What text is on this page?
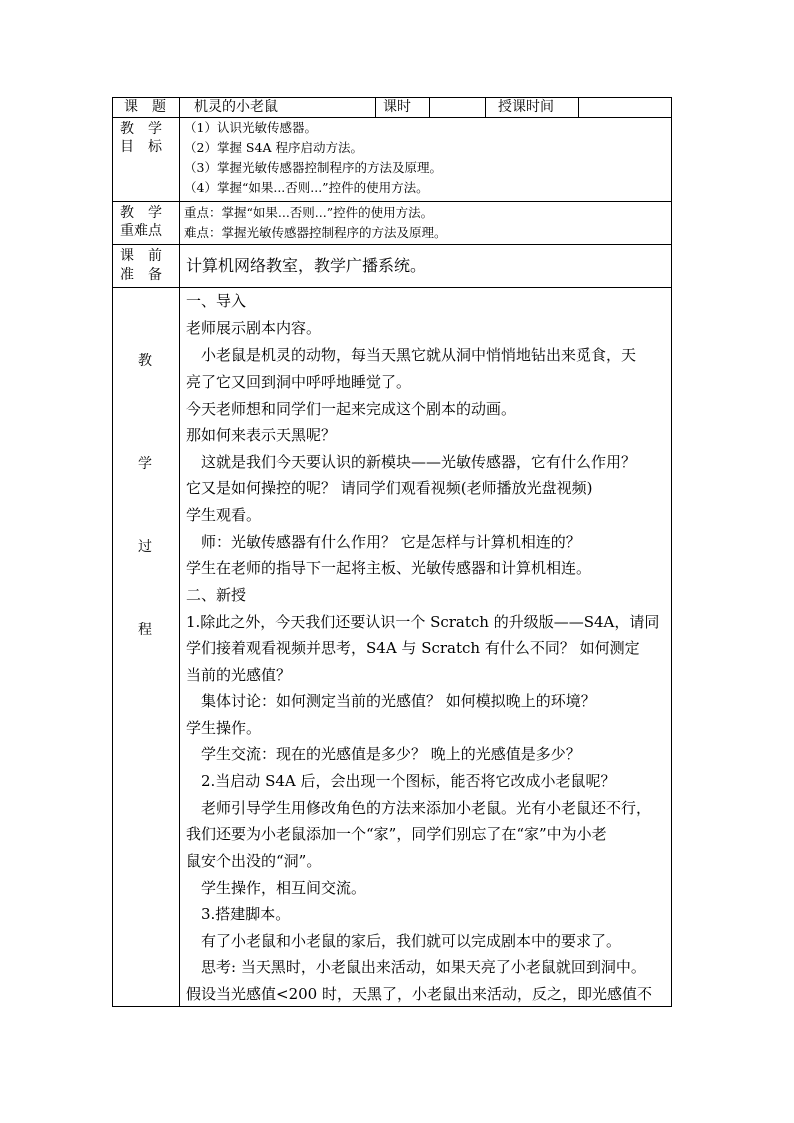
课　题 机灵的小老鼠	课时	授课时间
教　学
目　标
（1）认识光敏传感器。
（2）掌握 S4A 程序启动方法。
（3）掌握光敏传感器控制程序的方法及原理。
（4）掌握“如果...否则...”控件的使用方法。
教　学
重难点
重点：掌握“如果...否则...”控件的使用方法。
难点：掌握光敏传感器控制程序的方法及原理。
课　前
准　备 计算机网络教室，教学广播系统。
教
学
过
程
一、导入
老师展示剧本内容。
　小老鼠是机灵的动物，每当天黑它就从洞中悄悄地钻出来觅食，天
亮了它又回到洞中呼呼地睡觉了。
今天老师想和同学们一起来完成这个剧本的动画。
那如何来表示天黑呢？
　这就是我们今天要认识的新模块——光敏传感器，它有什么作用？
它又是如何操控的呢？ 请同学们观看视频(老师播放光盘视频)
学生观看。
　师：光敏传感器有什么作用？ 它是怎样与计算机相连的？
学生在老师的指导下一起将主板、光敏传感器和计算机相连。
二、新授
1.除此之外，今天我们还要认识一个 Scratch 的升级版——S4A，请同
学们接着观看视频并思考，S4A 与 Scratch 有什么不同？ 如何测定
当前的光感值？
　集体讨论：如何测定当前的光感值？ 如何模拟晚上的环境？
学生操作。
　学生交流：现在的光感值是多少？ 晚上的光感值是多少？
　2.当启动 S4A 后，会出现一个图标，能否将它改成小老鼠呢？
　老师引导学生用修改角色的方法来添加小老鼠。光有小老鼠还不行，
我们还要为小老鼠添加一个“家”，同学们别忘了在“家”中为小老
鼠安个出没的“洞”。
　学生操作，相互间交流。
　3.搭建脚本。
　有了小老鼠和小老鼠的家后，我们就可以完成剧本中的要求了。
　思考: 当天黑时，小老鼠出来活动，如果天亮了小老鼠就回到洞中。
假设当光感值<200 时，天黑了，小老鼠出来活动，反之，即光感值不
